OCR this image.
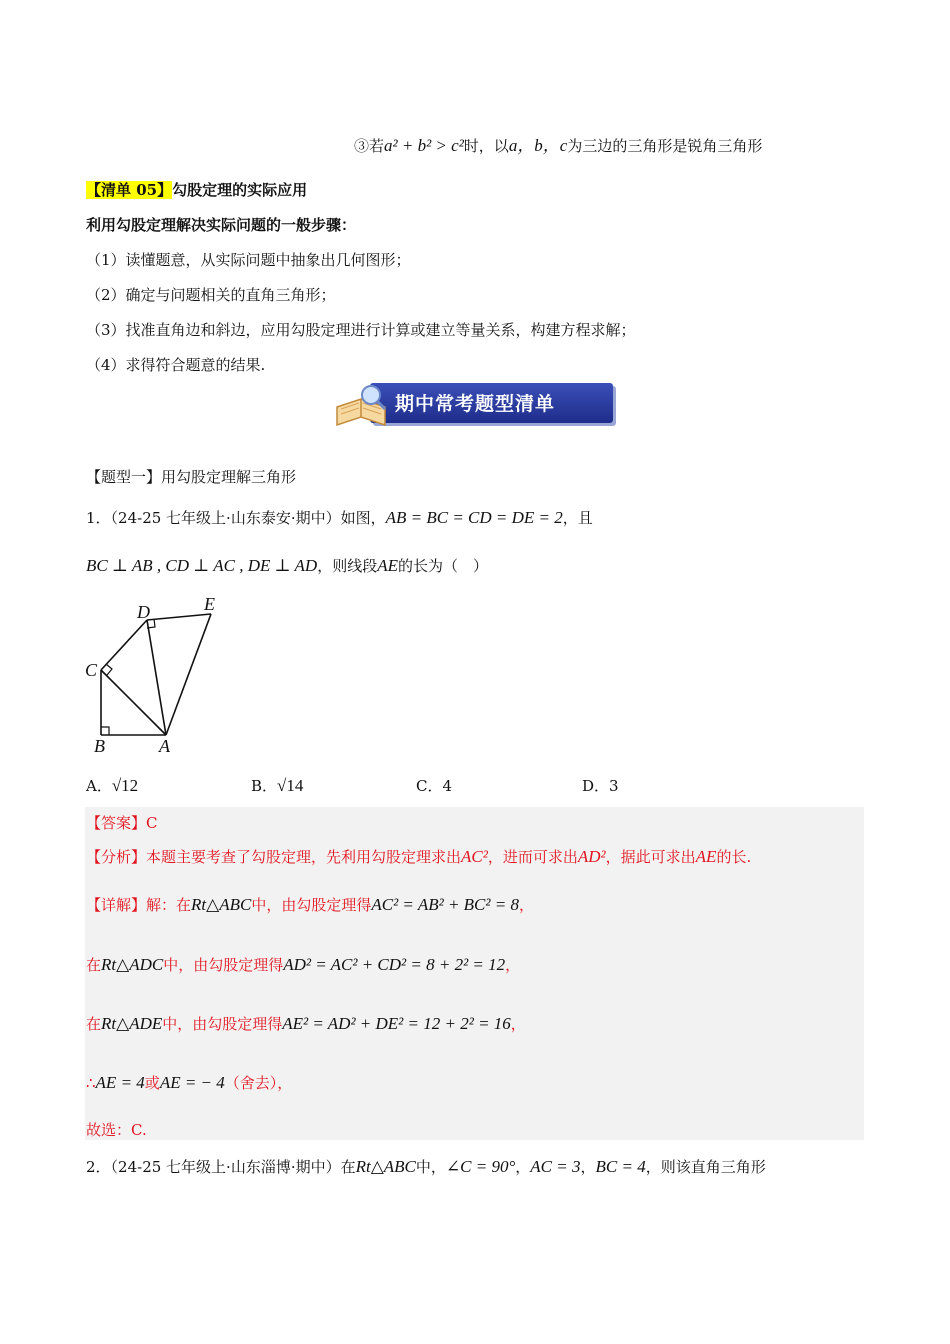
③若a² + b² > c²时，以a，b，c为三边的三角形是锐角三角形
【清单 05】勾股定理的实际应用
利用勾股定理解决实际问题的一般步骤：
（1）读懂题意，从实际问题中抽象出几何图形；
（2）确定与问题相关的直角三角形；
（3）找准直角边和斜边，应用勾股定理进行计算或建立等量关系，构建方程求解；
（4）求得符合题意的结果.
期中常考题型清单
【题型一】用勾股定理解三角形
1．（24-25 七年级上·山东泰安·期中）如图，AB = BC = CD = DE = 2，且
BC ⊥ AB , CD ⊥ AC , DE ⊥ AD，则线段AE的长为（　）
A
B
C
D	E
A．√12	B．√14	C．4	D．3
【答案】C
【分析】本题主要考查了勾股定理，先利用勾股定理求出AC²，进而可求出AD²，据此可求出AE的长.
【详解】解：在Rt△ABC中，由勾股定理得AC² = AB² + BC² = 8，
在Rt△ADC中，由勾股定理得AD² = AC² + CD² = 8 + 2² = 12，
在Rt△ADE中，由勾股定理得AE² = AD² + DE² = 12 + 2² = 16，
∴AE = 4或AE = − 4（舍去），
故选：C.
2．（24-25 七年级上·山东淄博·期中）在Rt△ABC中，∠C = 90°，AC = 3，BC = 4，则该直角三角形
